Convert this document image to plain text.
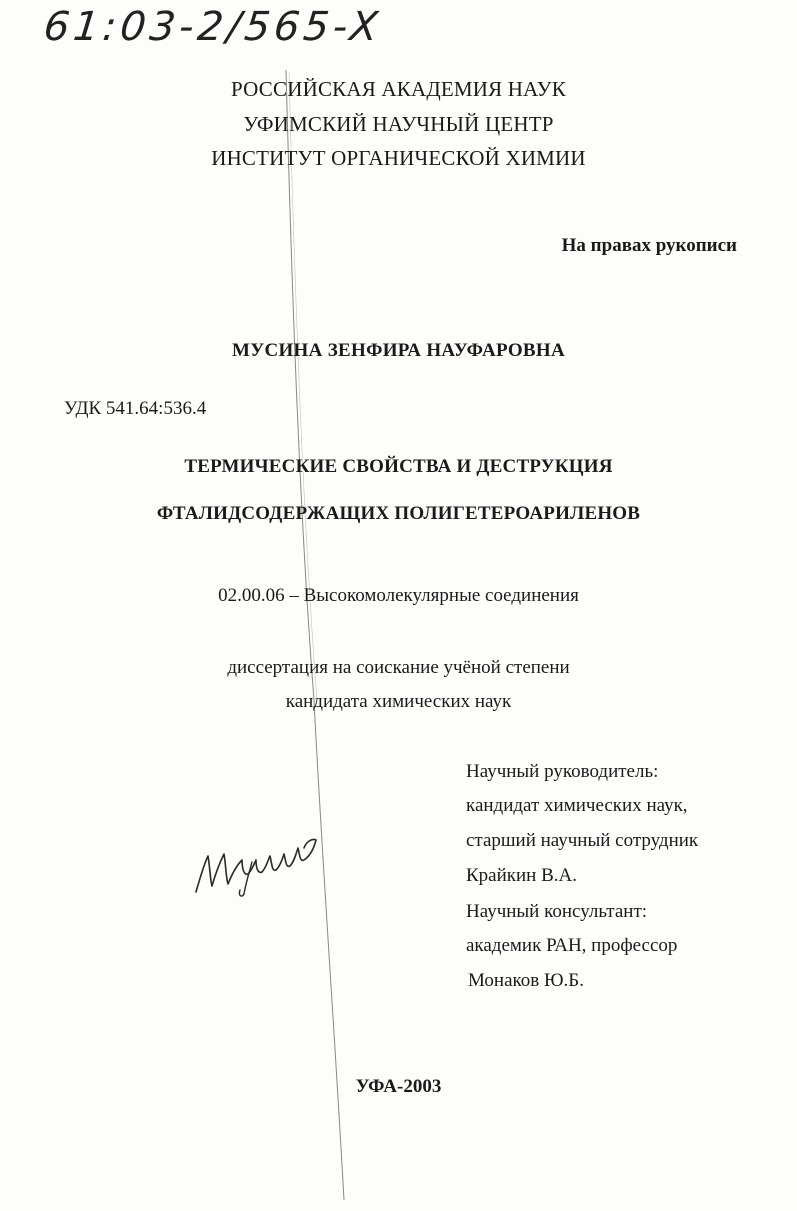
61:03-2/565-X
РОССИЙСКАЯ АКАДЕМИЯ НАУК
УФИМСКИЙ НАУЧНЫЙ ЦЕНТР
ИНСТИТУТ ОРГАНИЧЕСКОЙ ХИМИИ
На правах рукописи
МУСИНА ЗЕНФИРА НАУФАРОВНА
УДК 541.64:536.4
ТЕРМИЧЕСКИЕ СВОЙСТВА И ДЕСТРУКЦИЯ
ФТАЛИДСОДЕРЖАЩИХ ПОЛИГЕТЕРОАРИЛЕНОВ
02.00.06 – Высокомолекулярные соединения
диссертация на соискание учёной степени
кандидата химических наук
Научный руководитель:
кандидат химических наук,
старший научный сотрудник
Крайкин В.А.
Научный консультант:
академик РАН, профессор
Монаков Ю.Б.
УФА-2003
